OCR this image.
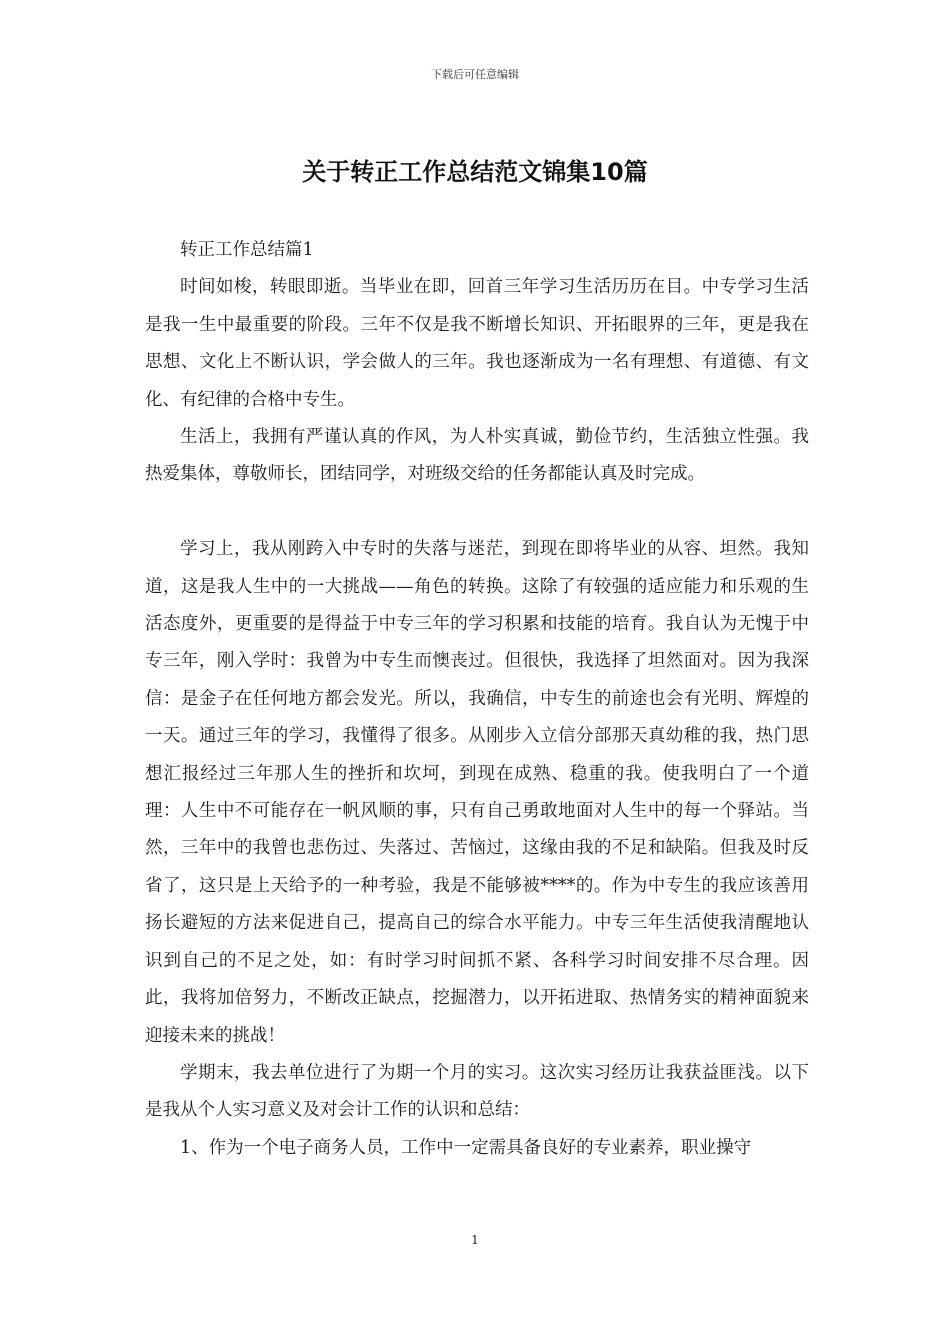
下载后可任意编辑
关于转正工作总结范文锦集10篇

转正工作总结篇1

时间如梭，转眼即逝。当毕业在即，回首三年学习生活历历在目。中专学习生活是我一生中最重要的阶段。三年不仅是我不断增长知识、开拓眼界的三年，更是我在思想、文化上不断认识，学会做人的三年。我也逐渐成为一名有理想、有道德、有文化、有纪律的合格中专生。

生活上，我拥有严谨认真的作风，为人朴实真诚，勤俭节约，生活独立性强。我热爱集体，尊敬师长，团结同学，对班级交给的任务都能认真及时完成。

学习上，我从刚跨入中专时的失落与迷茫，到现在即将毕业的从容、坦然。我知道，这是我人生中的一大挑战——角色的转换。这除了有较强的适应能力和乐观的生活态度外，更重要的是得益于中专三年的学习积累和技能的培育。我自认为无愧于中专三年，刚入学时：我曾为中专生而懊丧过。但很快，我选择了坦然面对。因为我深信：是金子在任何地方都会发光。所以，我确信，中专生的前途也会有光明、辉煌的一天。通过三年的学习，我懂得了很多。从刚步入立信分部那天真幼稚的我，热门思想汇报经过三年那人生的挫折和坎坷，到现在成熟、稳重的我。使我明白了一个道理：人生中不可能存在一帆风顺的事，只有自己勇敢地面对人生中的每一个驿站。当然，三年中的我曾也悲伤过、失落过、苦恼过，这缘由我的不足和缺陷。但我及时反省了，这只是上天给予的一种考验，我是不能够被****的。作为中专生的我应该善用扬长避短的方法来促进自己，提高自己的综合水平能力。中专三年生活使我清醒地认识到自己的不足之处，如：有时学习时间抓不紧、各科学习时间安排不尽合理。因此，我将加倍努力，不断改正缺点，挖掘潜力，以开拓进取、热情务实的精神面貌来迎接未来的挑战！

学期末，我去单位进行了为期一个月的实习。这次实习经历让我获益匪浅。以下是我从个人实习意义及对会计工作的认识和总结：

1、作为一个电子商务人员，工作中一定需具备良好的专业素养，职业操守

1
